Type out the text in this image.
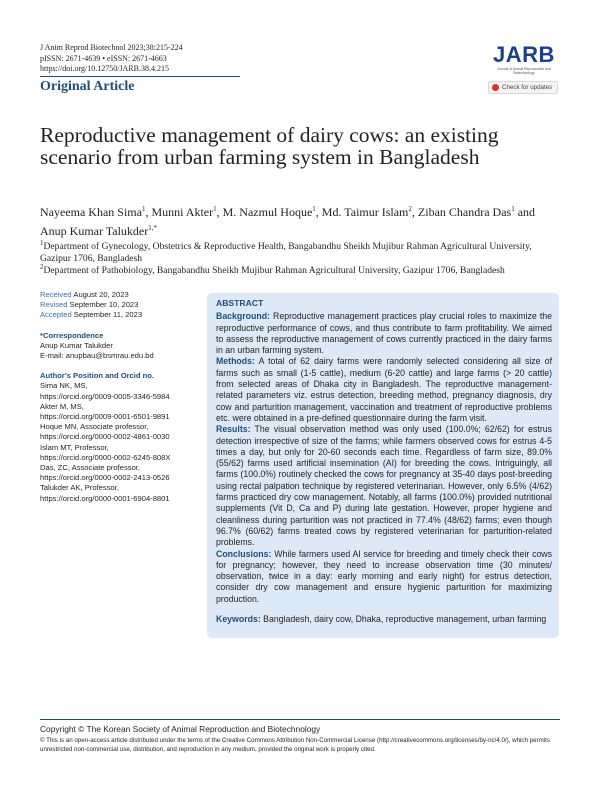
J Anim Reprod Biotechnol 2023;38:215-224
pISSN: 2671-4639 • eISSN: 2671-4663
https://doi.org/10.12750/JARB.38.4.215
Original Article
JARB
Journal of Animal Reproduction and Biotechnology
Check for updates
Reproductive management of dairy cows: an existing scenario from urban farming system in Bangladesh
Nayeema Khan Sima$^1$, Munni Akter$^1$, M. Nazmul Hoque$^1$, Md. Taimur Islam$^2$, Ziban Chandra Das$^1$ and Anup Kumar Talukder$^{1,*}$
$^1$Department of Gynecology, Obstetrics & Reproductive Health, Bangabandhu Sheikh Mujibur Rahman Agricultural University, Gazipur 1706, Bangladesh
$^2$Department of Pathobiology, Bangabandhu Sheikh Mujibur Rahman Agricultural University, Gazipur 1706, Bangladesh
Received August 20, 2023
Revised September 10, 2023
Accepted September 11, 2023
*Correspondence
Anup Kumar Talukder
E-mail: anupbau@bsmrau.edu.bd
Author's Position and Orcid no.
Sima NK, MS,
https://orcid.org/0009-0005-3346-5984
Akter M, MS,
https://orcid.org/0009-0001-6501-9891
Hoque MN, Associate professor,
https://orcid.org/0000-0002-4861-0030
Islam MT, Professor,
https://orcid.org/0000-0002-6245-808X
Das, ZC, Associate professor,
https://orcid.org/0000-0002-2413-0526
Talukder AK, Professor,
https://orcid.org/0000-0001-6904-8801
ABSTRACT

Background: Reproductive management practices play crucial roles to maximize the reproductive performance of cows, and thus contribute to farm profitability. We aimed to assess the reproductive management of cows currently practiced in the dairy farms in an urban farming system.

Methods: A total of 62 dairy farms were randomly selected considering all size of farms such as small (1-5 cattle), medium (6-20 cattle) and large farms (> 20 cattle) from selected areas of Dhaka city in Bangladesh. The reproductive management-related parameters viz. estrus detection, breeding method, pregnancy diagnosis, dry cow and parturition management, vaccination and treatment of reproductive problems etc. were obtained in a pre-defined questionnaire during the farm visit.

Results: The visual observation method was only used (100.0%; 62/62) for estrus detection irrespective of size of the farms; while farmers observed cows for estrus 4-5 times a day, but only for 20-60 seconds each time. Regardless of farm size, 89.0% (55/62) farms used artificial insemination (AI) for breeding the cows. Intriguingly, all farms (100.0%) routinely checked the cows for pregnancy at 35-40 days post-breeding using rectal palpation technique by registered veterinarian. However, only 6.5% (4/62) farms practiced dry cow management. Notably, all farms (100.0%) provided nutritional supplements (Vit D, Ca and P) during late gestation. However, proper hygiene and cleanliness during parturition was not practiced in 77.4% (48/62) farms; even though 96.7% (60/62) farms treated cows by registered veterinarian for parturition-related problems.

Conclusions: While farmers used AI service for breeding and timely check their cows for pregnancy; however, they need to increase observation time (30 minutes/ observation, twice in a day: early morning and early night) for estrus detection, consider dry cow management and ensure hygienic parturition for maximizing production.

Keywords: Bangladesh, dairy cow, Dhaka, reproductive management, urban farming

Copyright © The Korean Society of Animal Reproduction and Biotechnology
© This is an open-access article distributed under the terms of the Creative Commons Attribution Non-Commercial License (http://creativecommons.org/licenses/by-nc/4.0/), which permits unrestricted non-commercial use, distribution, and reproduction in any medium, provided the original work is properly cited.
